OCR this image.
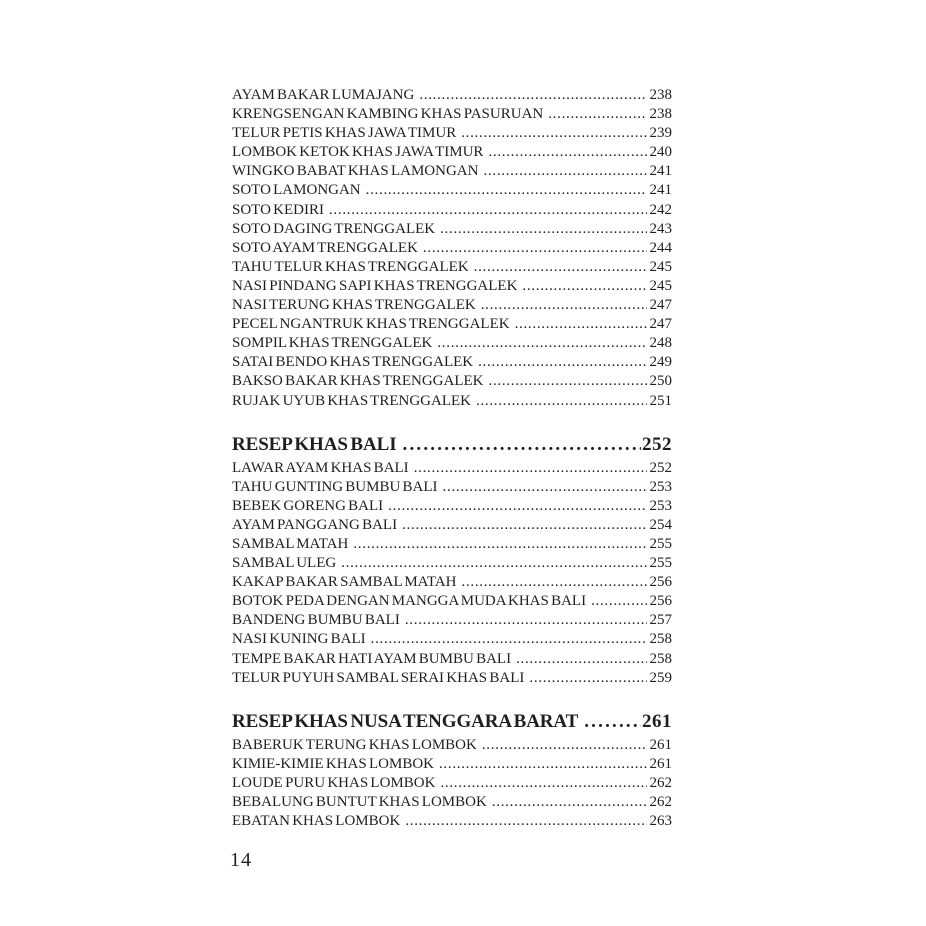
AYAM BAKAR LUMAJANG .....	238
KRENGSENGAN KAMBING KHAS PASURUAN .....	238
TELUR PETIS KHAS JAWA TIMUR .....	239
LOMBOK KETOK KHAS JAWA TIMUR .....	240
WINGKO BABAT KHAS LAMONGAN .....	241
SOTO LAMONGAN .....	241
SOTO KEDIRI .....	242
SOTO DAGING TRENGGALEK .....	243
SOTO AYAM TRENGGALEK .....	244
TAHU TELUR KHAS TRENGGALEK .....	245
NASI PINDANG SAPI KHAS TRENGGALEK .....	245
NASI TERUNG KHAS TRENGGALEK .....	247
PECEL NGANTRUK KHAS TRENGGALEK .....	247
SOMPIL KHAS TRENGGALEK .....	248
SATAI BENDO KHAS TRENGGALEK .....	249
BAKSO BAKAR KHAS TRENGGALEK .....	250
RUJAK UYUB KHAS TRENGGALEK .....	251
RESEP KHAS BALI .....	252
LAWAR AYAM KHAS BALI .....	252
TAHU GUNTING BUMBU BALI .....	253
BEBEK GORENG BALI .....	253
AYAM PANGGANG BALI .....	254
SAMBAL MATAH .....	255
SAMBAL ULEG .....	255
KAKAP BAKAR SAMBAL MATAH .....	256
BOTOK PEDA DENGAN MANGGA MUDA KHAS BALI .....	256
BANDENG BUMBU BALI .....	257
NASI KUNING BALI .....	258
TEMPE BAKAR HATI AYAM BUMBU BALI .....	258
TELUR PUYUH SAMBAL SERAI KHAS BALI .....	259
RESEP KHAS NUSA TENGGARA BARAT .....	261
BABERUK TERUNG KHAS LOMBOK .....	261
KIMIE-KIMIE KHAS LOMBOK .....	261
LOUDE PURU KHAS LOMBOK .....	262
BEBALUNG BUNTUT KHAS LOMBOK .....	262
EBATAN KHAS LOMBOK .....	263
14
